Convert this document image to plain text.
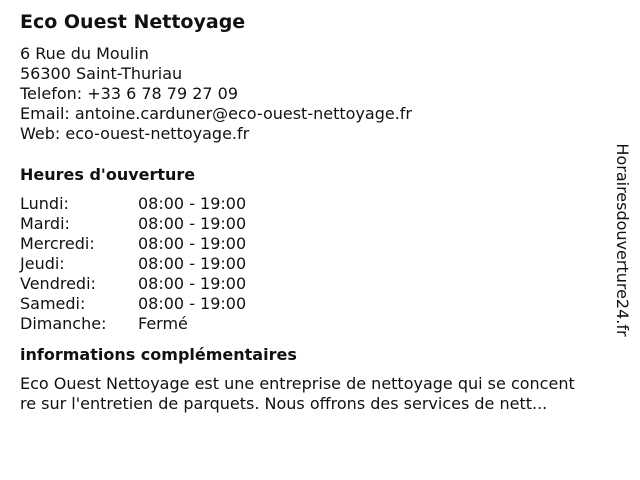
Eco Ouest Nettoyage
6 Rue du Moulin
56300 Saint-Thuriau
Telefon: +33 6 78 79 27 09
Email: antoine.carduner@eco-ouest-nettoyage.fr
Web: eco-ouest-nettoyage.fr
Heures d'ouverture
Lundi:	08:00 - 19:00
Mardi:	08:00 - 19:00
Mercredi:	08:00 - 19:00
Jeudi:	08:00 - 19:00
Vendredi:	08:00 - 19:00
Samedi:	08:00 - 19:00
Dimanche:	Fermé
informations complémentaires
Eco Ouest Nettoyage est une entreprise de nettoyage qui se concent
re sur l'entretien de parquets. Nous offrons des services de nett...
Horairesdouverture24.fr
